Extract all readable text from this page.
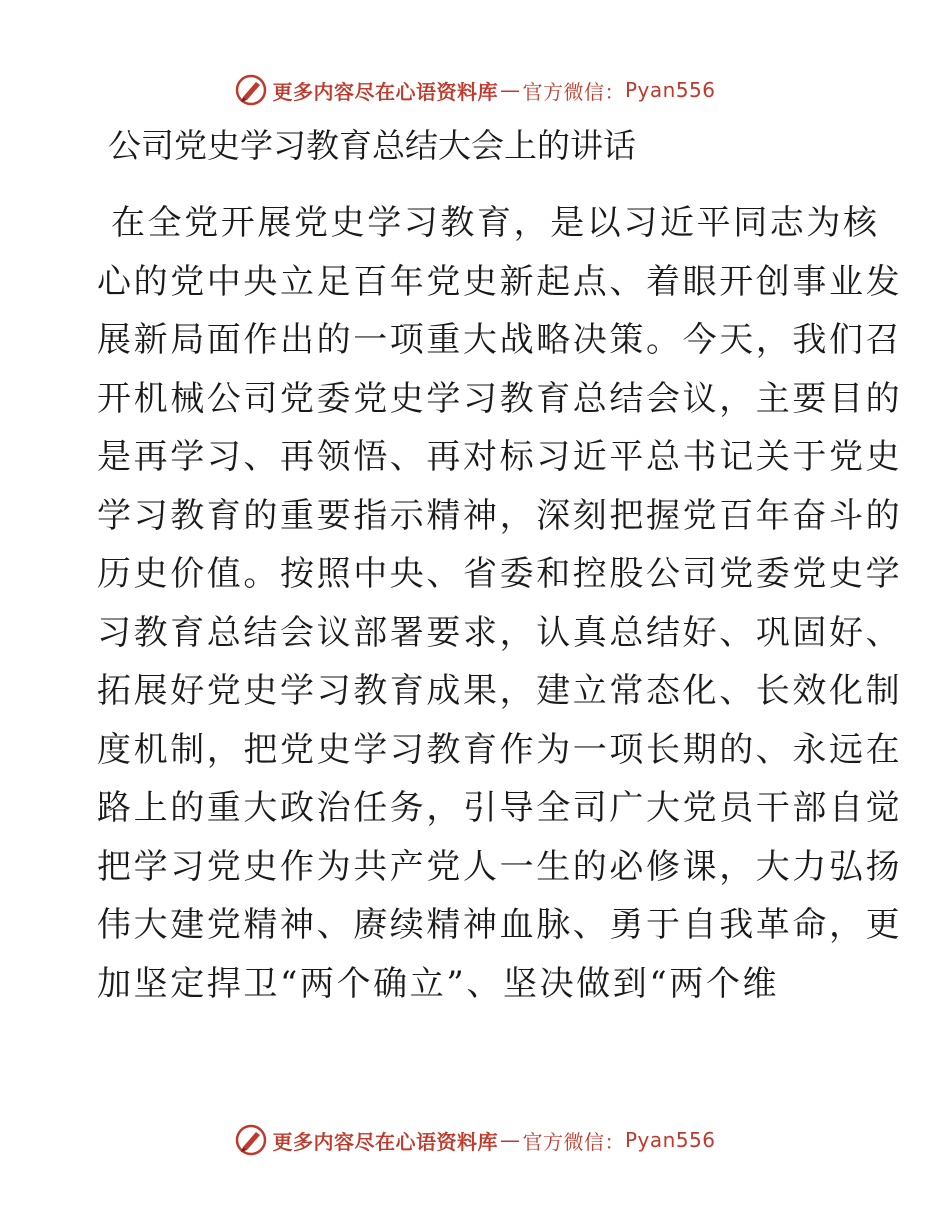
更多内容尽在心语资料库 — 官方微信： Pyan556
公司党史学习教育总结大会上的讲话
在全党开展党史学习教育，是以习近平同志为核
心的党中央立足百年党史新起点、着眼开创事业发
展新局面作出的一项重大战略决策。今天，我们召
开机械公司党委党史学习教育总结会议，主要目的
是再学习、再领悟、再对标习近平总书记关于党史
学习教育的重要指示精神，深刻把握党百年奋斗的
历史价值。按照中央、省委和控股公司党委党史学
习教育总结会议部署要求，认真总结好、巩固好、
拓展好党史学习教育成果，建立常态化、长效化制
度机制，把党史学习教育作为一项长期的、永远在
路上的重大政治任务，引导全司广大党员干部自觉
把学习党史作为共产党人一生的必修课，大力弘扬
伟大建党精神、赓续精神血脉、勇于自我革命，更
加坚定捍卫“两个确立”、坚决做到“两个维
更多内容尽在心语资料库 — 官方微信： Pyan556
